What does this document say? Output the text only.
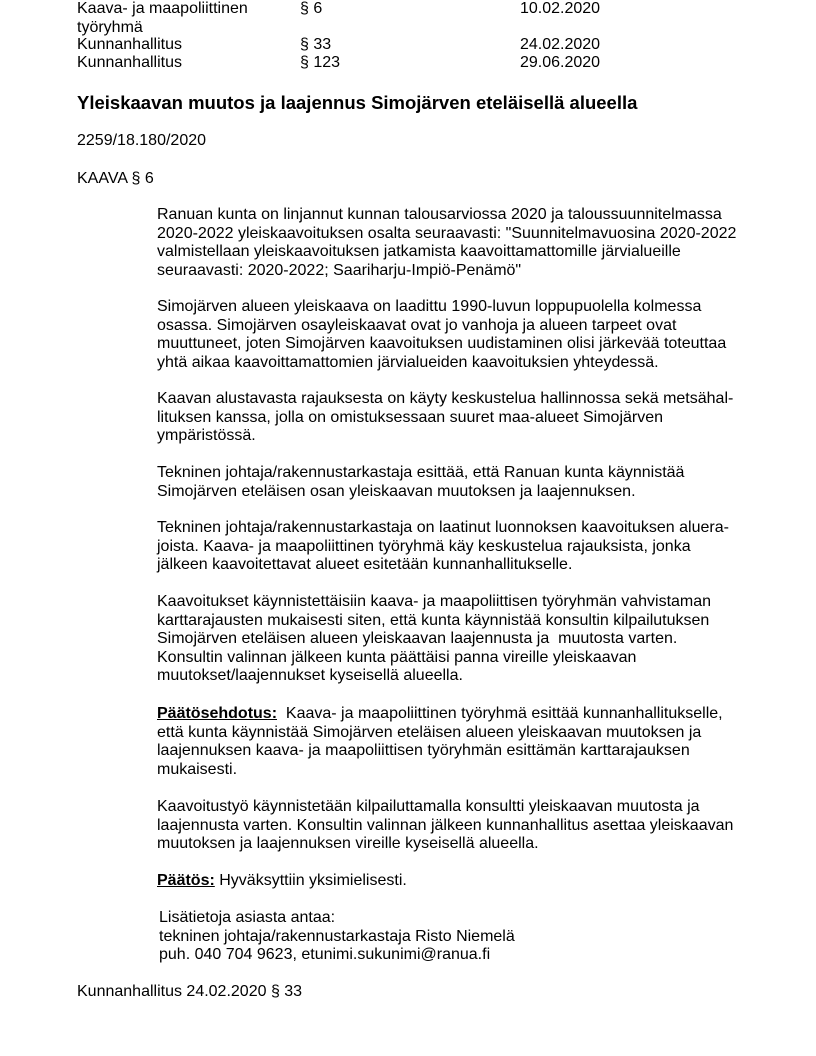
Kaava- ja maapoliittinen
työryhmä
§ 6	10.02.2020
Kunnanhallitus	§ 33	24.02.2020
Kunnanhallitus	§ 123	29.06.2020
Yleiskaavan muutos ja laajennus Simojärven eteläisellä alueella
2259/18.180/2020
KAAVA § 6
Ranuan kunta on linjannut kunnan talousarviossa 2020 ja taloussuunnitelmassa
2020-2022 yleiskaavoituksen osalta seuraavasti: "Suunnitelmavuosina 2020-2022
valmistellaan yleiskaavoituksen jatkamista kaavoittamattomille järvialueille
seuraavasti: 2020-2022; Saariharju-Impiö-Penämö"
Simojärven alueen yleiskaava on laadittu 1990-luvun loppupuolella kolmessa
osassa. Simojärven osayleiskaavat ovat jo vanhoja ja alueen tarpeet ovat
muuttuneet, joten Simojärven kaavoituksen uudistaminen olisi järkevää toteuttaa
yhtä aikaa kaavoittamattomien järvialueiden kaavoituksien yhteydessä.
Kaavan alustavasta rajauksesta on käyty keskustelua hallinnossa sekä metsähal-
lituksen kanssa, jolla on omistuksessaan suuret maa-alueet Simojärven
ympäristössä.
Tekninen johtaja/rakennustarkastaja esittää, että Ranuan kunta käynnistää
Simojärven eteläisen osan yleiskaavan muutoksen ja laajennuksen.
Tekninen johtaja/rakennustarkastaja on laatinut luonnoksen kaavoituksen aluera-
joista. Kaava- ja maapoliittinen työryhmä käy keskustelua rajauksista, jonka
jälkeen kaavoitettavat alueet esitetään kunnanhallitukselle.
Kaavoitukset käynnistettäisiin kaava- ja maapoliittisen työryhmän vahvistaman
karttarajausten mukaisesti siten, että kunta käynnistää konsultin kilpailutuksen
Simojärven eteläisen alueen yleiskaavan laajennusta ja  muutosta varten.
Konsultin valinnan jälkeen kunta päättäisi panna vireille yleiskaavan
muutokset/laajennukset kyseisellä alueella.
Päätösehdotus:  Kaava- ja maapoliittinen työryhmä esittää kunnanhallitukselle,
että kunta käynnistää Simojärven eteläisen alueen yleiskaavan muutoksen ja
laajennuksen kaava- ja maapoliittisen työryhmän esittämän karttarajauksen
mukaisesti.
Kaavoitustyö käynnistetään kilpailuttamalla konsultti yleiskaavan muutosta ja
laajennusta varten. Konsultin valinnan jälkeen kunnanhallitus asettaa yleiskaavan
muutoksen ja laajennuksen vireille kyseisellä alueella.
Päätös: Hyväksyttiin yksimielisesti.
Lisätietoja asiasta antaa:
tekninen johtaja/rakennustarkastaja Risto Niemelä
puh. 040 704 9623, etunimi.sukunimi@ranua.fi
Kunnanhallitus 24.02.2020 § 33
